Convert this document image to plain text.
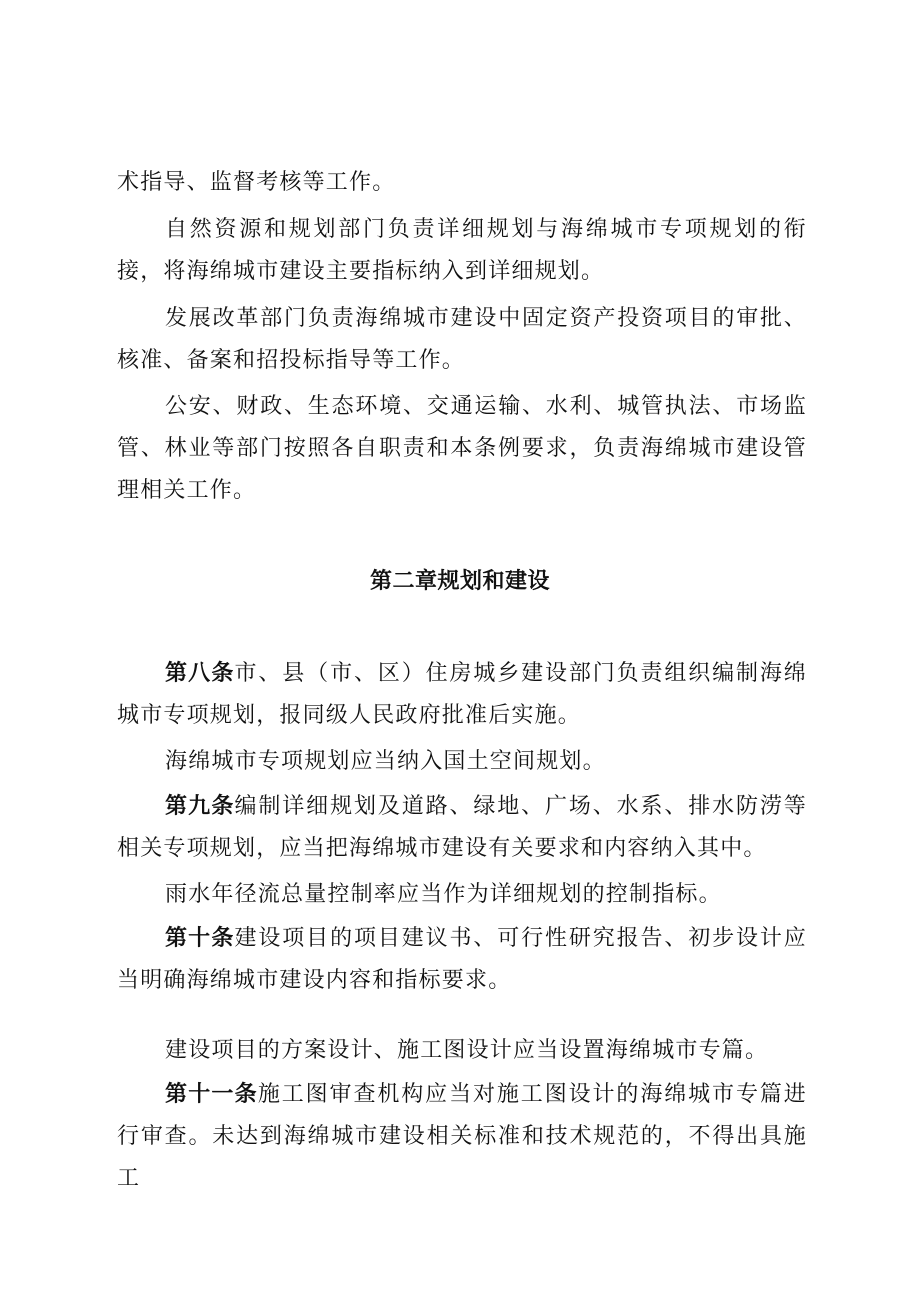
术指导、监督考核等工作。

自然资源和规划部门负责详细规划与海绵城市专项规划的衔接，将海绵城市建设主要指标纳入到详细规划。

发展改革部门负责海绵城市建设中固定资产投资项目的审批、核准、备案和招投标指导等工作。

公安、财政、生态环境、交通运输、水利、城管执法、市场监管、林业等部门按照各自职责和本条例要求，负责海绵城市建设管理相关工作。

第二章规划和建设

第八条市、县（市、区）住房城乡建设部门负责组织编制海绵城市专项规划，报同级人民政府批准后实施。

海绵城市专项规划应当纳入国土空间规划。

第九条编制详细规划及道路、绿地、广场、水系、排水防涝等相关专项规划，应当把海绵城市建设有关要求和内容纳入其中。

雨水年径流总量控制率应当作为详细规划的控制指标。

第十条建设项目的项目建议书、可行性研究报告、初步设计应当明确海绵城市建设内容和指标要求。

建设项目的方案设计、施工图设计应当设置海绵城市专篇。

第十一条施工图审查机构应当对施工图设计的海绵城市专篇进行审查。未达到海绵城市建设相关标准和技术规范的，不得出具施工
